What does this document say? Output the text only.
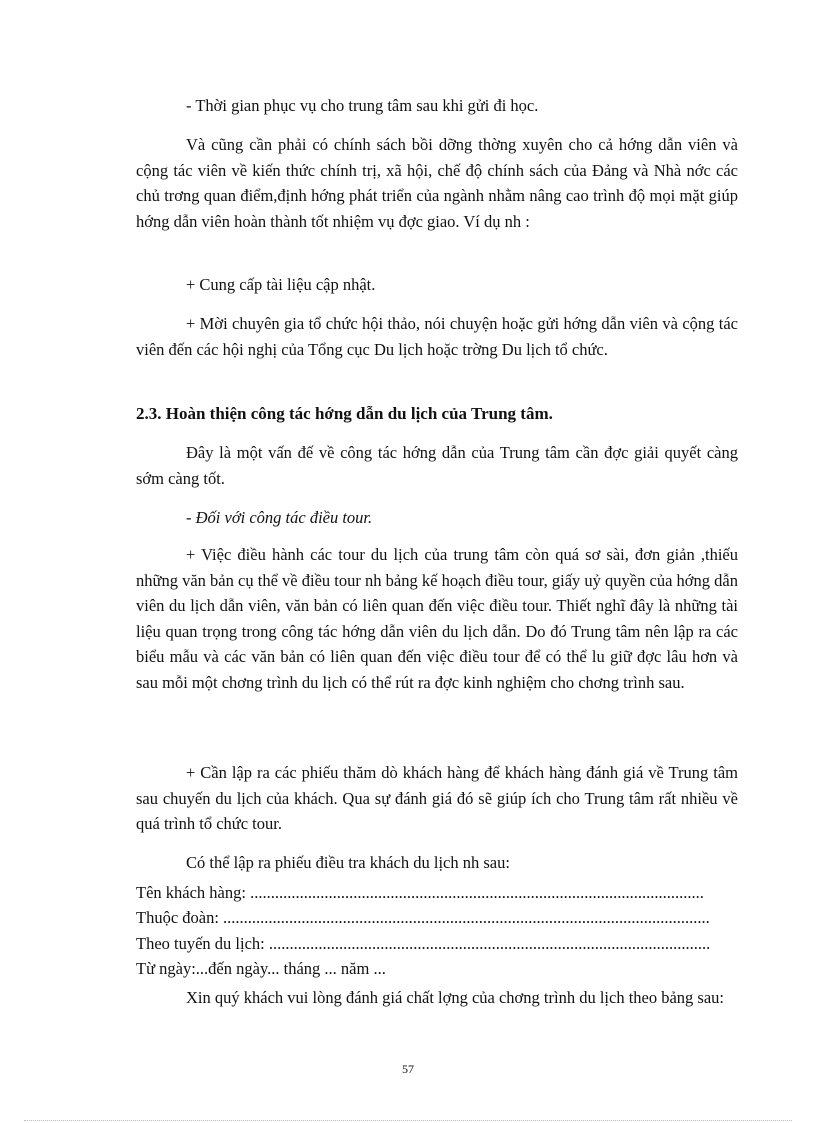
- Thời gian phục vụ cho trung tâm sau khi gửi đi học.

Và cũng cần phải có chính sách bồi dỡng thờng xuyên cho cả hớng dẫn viên và cộng tác viên về kiến thức chính trị, xã hội, chế độ chính sách của Đảng và Nhà nớc các chủ trơng quan điểm,định hớng phát triển của ngành nhằm nâng cao trình độ mọi mặt giúp hớng dẫn viên hoàn thành tốt nhiệm vụ đợc giao. Ví dụ nh :

+ Cung cấp tài liệu cập nhật.

+ Mời chuyên gia tổ chức hội thảo, nói chuyện hoặc gửi hớng dẫn viên và cộng tác viên đến các hội nghị của Tổng cục Du lịch hoặc trờng Du lịch tổ chức.

2.3. Hoàn thiện công tác hớng dẫn du lịch của Trung tâm.

Đây là một vấn đế về công tác hớng dẫn của Trung tâm cần đợc giải quyết càng sớm càng tốt.

- Đối với công tác điều tour.

+ Việc điều hành các tour du lịch của trung tâm còn quá sơ sài, đơn giản ,thiếu những văn bản cụ thể về điều tour nh bảng kế hoạch điều tour, giấy uỷ quyền của hớng dẫn viên du lịch dẫn viên, văn bản có liên quan đến việc điều tour. Thiết nghĩ đây là những tài liệu quan trọng trong công tác hớng dẫn viên du lịch dẫn. Do đó Trung tâm nên lập ra các biểu mẫu và các văn bản có liên quan đến việc điều tour để có thể lu giữ đợc lâu hơn và sau mỗi một chơng trình du lịch có thể rút ra đợc kinh nghiệm cho chơng trình sau.

+ Cần lập ra các phiếu thăm dò khách hàng để khách hàng đánh giá về Trung tâm sau chuyến du lịch của khách. Qua sự đánh giá đó sẽ giúp ích cho Trung tâm rất nhiều về quá trình tổ chức tour.

Có thể lập ra phiếu điều tra khách du lịch nh sau:

Tên khách hàng: ..............................................................................................................
Thuộc đoàn: ......................................................................................................................
Theo tuyến du lịch: ...........................................................................................................
Từ ngày:...đến ngày... tháng ... năm ...

Xin quý khách vui lòng đánh giá chất lợng của chơng trình du lịch theo bảng sau:

57
